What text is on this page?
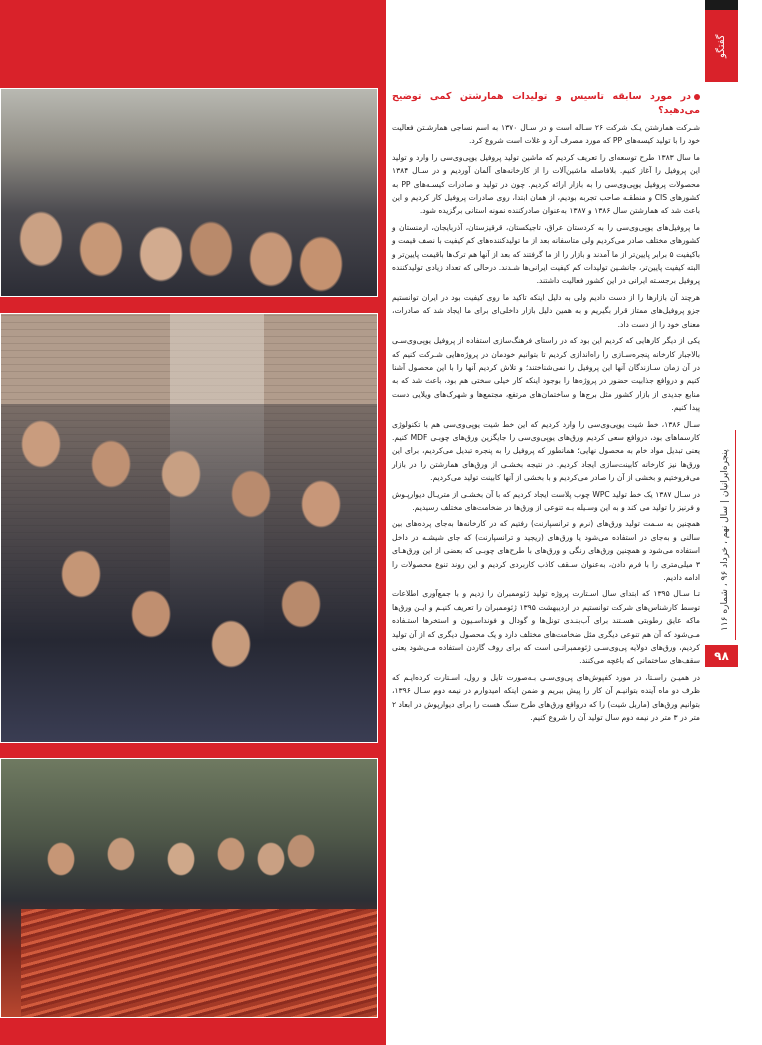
گفتگو
پنجره‌ایرانیان | سال نهم ، خرداد ۹۶ ، شماره ۱۱۶
۹۸
در مورد سابقه تاسیس و تولیدات همارشتن کمی توضیح می‌دهید؟

شـرکت همارشتن یـک شرکت ۲۶ سـاله است و در سـال ۱۳۷۰ به اسم نساجی همارشـتن فعالیت خود را با تولید کیسه‌های PP که مورد مصرف آرد و غلات است شروع کرد.

ما سال ۱۳۸۳ طرح توسعه‌ای را تعریف کردیم که ماشین تولید پروفیل یوپی‌وی‌سی را وارد و تولید این پروفیل را آغاز کنیم. بلافاصله ماشین‌آلات را از کارخانه‌های آلمان آوردیم و در سـال ۱۳۸۴ محصولات پروفیل یوپی‌وی‌سی را به بازار ارائه کردیم. چون در تولید و صادرات کیسـه‌های PP به کشورهای CIS و منطقـه صاحب تجربه بودیم، از همان ابتدا، روی صادرات پروفیل کار کردیم و این باعث شد که همارشتن سال ۱۳۸۶ و ۱۳۸۷ به‌عنوان صادرکننده نمونه استانی برگزیده شود.

ما پروفیل‌های یوپی‌وی‌سی را به کردستان عراق، تاجیکستان، قرقیزستان، آذربایجان، ارمنستان و کشورهای مختلف صادر می‌کردیم ولی متاسفانه بعد از ما تولیدکننده‌های کم کیفیت با نصف قیمت و باکیفیت ۵ برابر پایین‌تر از ما آمدند و بازار را از ما گرفتند که بعد از آنها هم ترک‌ها باقیمت پایین‌تر و البته کیفیت پایین‌تر، جانشـین تولیدات کم کیفیت ایرانی‌ها شـدند. درحالی که تعداد زیادی تولیدکننده پروفیل برجسـته ایرانی در این کشور فعالیت داشتند.

هرچند آن بازارها را از دست دادیم ولی به دلیل اینکه تاکید ما روی کیفیت بود در ایران توانستیم جزو پروفیل‌های ممتاز قرار بگیریم و به همین دلیل بازار داخلی‌ای برای ما ایجاد شد که صادرات، معنای خود را از دست داد.

یکی از دیگر کارهایی که کردیم این بود که در راستای فرهنگ‌سازی استفاده از پروفیل یوپی‌وی‌سـی بالاجبار کارخانه پنجره‌سـازی را راه‌اندازی کردیم تا بتوانیم خودمان در پروژه‌هایی شـرکت کنیم که در آن زمان سـازندگان آنها این پروفیل را نمی‌شناختند؛ و تلاش کردیم آنها را با این محصول آشنا کنیم و دروافع جذابیت حضور در پروژه‌ها را بوجود اینکه کار خیلی سختی هم بود، باعث شد که به منابع جدیدی از بازار کشور مثل برج‌ها و ساختمان‌های مرتفع، مجتمع‌ها و شهرک‌های ویلایی دست پیدا کنیم.

سـال ۱۳۸۶، خط شیت یوپی‌وی‌سی را وارد کردیم که این خط شیت یوپی‌وی‌سی هم با تکنولوژی کارسماهای بود، دروافع سعی کردیم ورق‌های یوپی‌وی‌سی را جایگزین ورق‌های چوبـی MDF کنیم. یعنی تبدیل مواد خام به محصول نهایی؛ همانطور که پروفیل را به پنجره تبدیل می‌کردیم، برای این ورق‌ها نیز کارخانه کابینت‌سازی ایجاد کردیم. در نتیجه بخشـی از ورق‌های همارشتن را در بازار می‌فروختیم و بخشی از آن را صادر می‌کردیم و با بخشی از آنها کابینت تولید می‌کردیم.

در سـال ۱۳۸۷ یک خط تولید WPC چوب پلاست ایجاد کردیم که با آن بخشـی از متریـال دیوارپـوش و فرنیز را تولید می کند و به این وسـیله بـه تنوعی از ورق‌ها در ضخامت‌های مختلف رسیدیم.

همچنین به سـمت تولید ورق‌های (نرم و ترانسپارنت) رفتیم که در کارخانه‌ها به‌جای پرده‌های بین سالنی و به‌جای در استفاده می‌شود یا ورق‌های (ریجید و ترانسپارنت) که جای شیشـه در داخل استفاده می‌شود و همچنین ورق‌های رنگی و ورق‌های با طرح‌های چوبـی که بعضی از این ورق‌هـای ۳ میلی‌متری را با فرم دادن، به‌عنوان سـقف کاذب کاربردی کردیم و این روند تنوع محصولات را ادامه دادیم.

تـا سـال ۱۳۹۵ که ابتدای سال اسـتارت پروژه تولید ژئوممبران را زدیم و با جمع‌آوری اطلاعات توسط کارشناس‌های شرکت توانستیم در اردیبهشت ۱۳۹۵ ژئوممبران را تعریف کنیـم و ایـن ورق‌ها ماکه عایق رطوبتی هسـتند برای آب‌بنـدی تونل‌ها و گودال و فونداسـیون و استخرها استـفاده مـی‌شود که آن هم تنوعی دیگری مثل ضخامت‌های مختلف دارد و یک محصول دیگری که از آن تولید کردیم، ورق‌های دولایه پی‌وی‌سـی ژئوممبرانـی است که برای روف گاردن استفاده مـی‌شود یعنی سقف‌های ساختمانی که باغچه می‌کنند.

در همیـن راسـتا، در مورد کفپوش‌های پی‌وی‌سـی بـه‌صورت تایل و رول، اسـتارت کرده‌ایـم که ظرف دو ماه آینده بتوانیـم آن کار را پیش ببریم و ضمن اینکه امیدوارم در نیمه دوم سـال ۱۳۹۶، بتوانیم ورق‌های (ماربل شیت) را که دروافع ورق‌های طرح سنگ هست را برای دیوارپوش در ابعاد ۲ متر در ۳ متر در نیمه دوم سال تولید آن را شروع کنیم.
